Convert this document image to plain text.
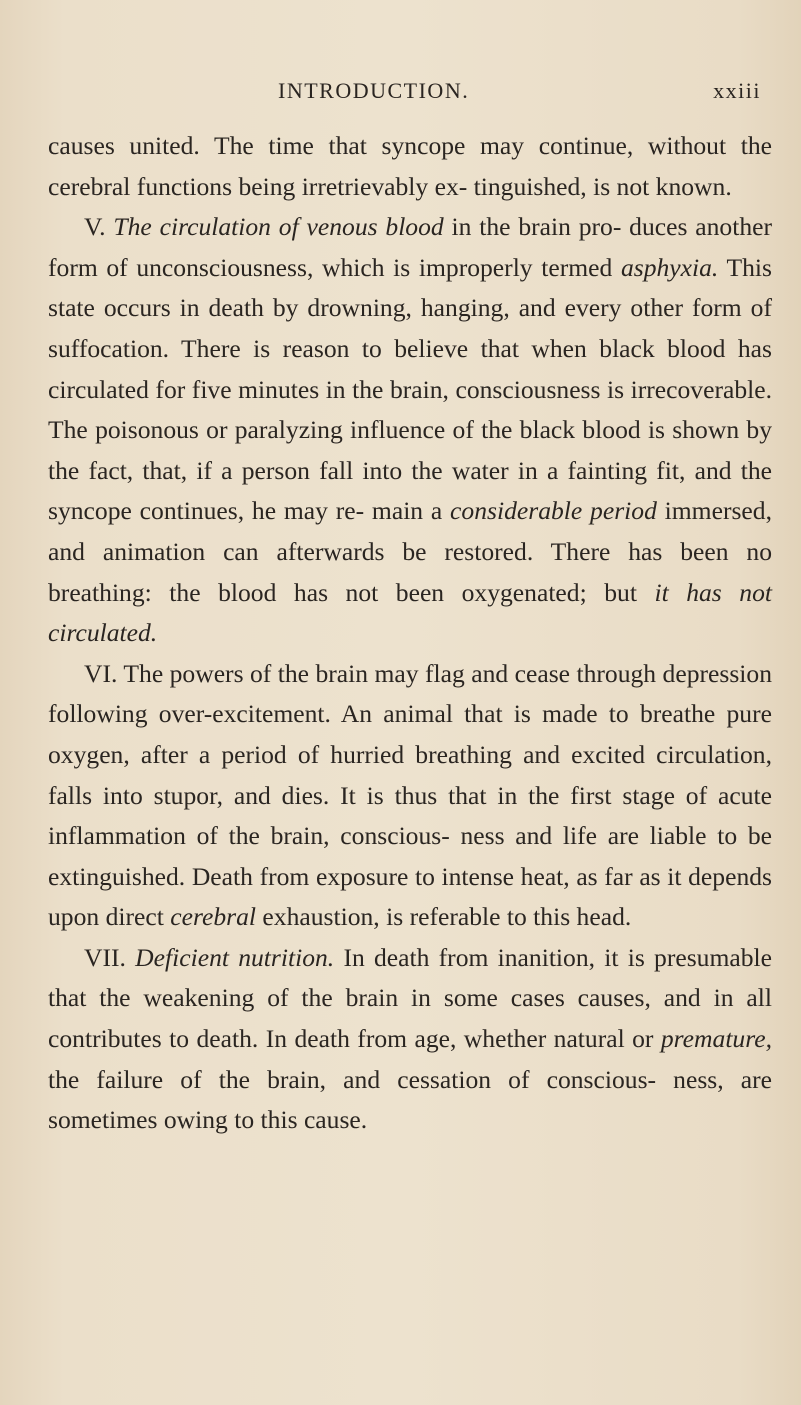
INTRODUCTION.	xxiii

causes united. The time that syncope may continue, without the cerebral functions being irretrievably ex- tinguished, is not known.

V. The circulation of venous blood in the brain pro- duces another form of unconsciousness, which is improperly termed asphyxia. This state occurs in death by drowning, hanging, and every other form of suffocation. There is reason to believe that when black blood has circulated for five minutes in the brain, consciousness is irrecoverable. The poisonous or paralyzing influence of the black blood is shown by the fact, that, if a person fall into the water in a fainting fit, and the syncope continues, he may re- main a considerable period immersed, and animation can afterwards be restored. There has been no breathing: the blood has not been oxygenated; but it has not circulated.

VI. The powers of the brain may flag and cease through depression following over-excitement. An animal that is made to breathe pure oxygen, after a period of hurried breathing and excited circulation, falls into stupor, and dies. It is thus that in the first stage of acute inflammation of the brain, conscious- ness and life are liable to be extinguished. Death from exposure to intense heat, as far as it depends upon direct cerebral exhaustion, is referable to this head.

VII. Deficient nutrition. In death from inanition, it is presumable that the weakening of the brain in some cases causes, and in all contributes to death. In death from age, whether natural or premature, the failure of the brain, and cessation of conscious- ness, are sometimes owing to this cause.
